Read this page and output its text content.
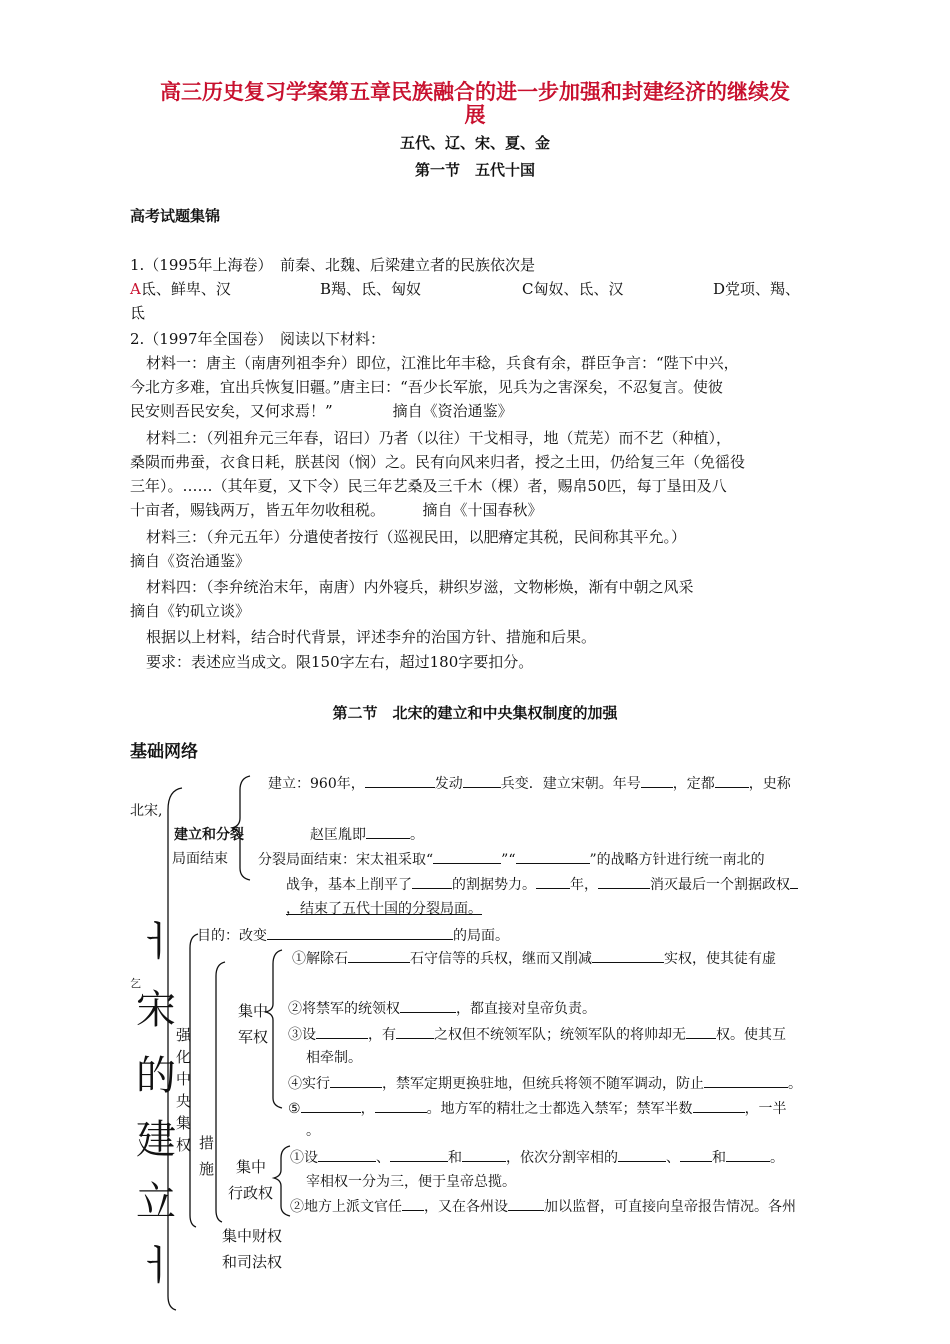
高三历史复习学案第五章民族融合的进一步加强和封建经济的继续发
展
五代、辽、宋、夏、金
第一节　五代十国
高考试题集锦
1.（1995年上海卷）　前秦、北魏、后梁建立者的民族依次是
A氐、鲜卑、汉	B羯、氐、匈奴	C匈奴、氐、汉	D党项、羯、
氐
2.（1997年全国卷）　阅读以下材料：
材料一：唐主（南唐列祖李弁）即位，江淮比年丰稔，兵食有余，群臣争言：“陛下中兴，
今北方多难，宜出兵恢复旧疆。”唐主曰：“吾少长军旅，见兵为之害深矣，不忍复言。使彼
民安则吾民安矣，又何求焉！”　　　　摘自《资治通鉴》
材料二：（列祖弁元三年春，诏曰）乃者（以往）干戈相寻，地（荒芜）而不艺（种植），
桑陨而弗蚕，衣食日耗，朕甚闵（悯）之。民有向风来归者，授之土田，仍给复三年（免徭役
三年）。……（其年夏，又下令）民三年艺桑及三千木（棵）者，赐帛50匹，每丁垦田及八
十亩者，赐钱两万，皆五年勿收租税。　　　摘自《十国春秋》
材料三：（弁元五年）分遣使者按行（巡视民田，以肥瘠定其税，民间称其平允。）
摘自《资治通鉴》
材料四：（李弁统治末年，南唐）内外寝兵，耕织岁滋，文物彬焕，渐有中朝之风采
摘自《钓矶立谈》
根据以上材料，结合时代背景，评述李弁的治国方针、措施和后果。
要求：表述应当成文。限150字左右，超过180字要扣分。
第二节　北宋的建立和中央集权制度的加强
基础网络
北宋,
乞
ㅓ
宋
的
建
立
ㅓ
建立和分裂
局面结束
建立：960年，	发动	兵变．建立宋朝。年号 ，定都 ，史称
赵匡胤即	。
分裂局面结束：宋太祖采取“	”“	”的战略方针进行统一南北的
战争，基本上削平了	的割据势力。 年，	消灭最后一个割据政权
，结束了五代十国的分裂局面。
目的：改变	的局面。
强
化
中
央
集
权 措
施
集中
军权
①解除石	石守信等的兵权，继而又削减	实权，使其徒有虚
②将禁军的统领权	，都直接对皇帝负责。
③设	，有	之权但不统领军队；统领军队的将帅却无 权。使其互
相牵制。
④实行	，禁军定期更换驻地，但统兵将领不随军调动，防止	。
⑤	，	。地方军的精壮之士都选入禁军；禁军半数	，一半
。
集中
行政权
①设	、	和	，依次分割宰相的	、 和	。
宰相权一分为三，便于皇帝总揽。
②地方上派文官任 ，又在各州设	加以监督，可直接向皇帝报告情况。各州
集中财权
和司法权
